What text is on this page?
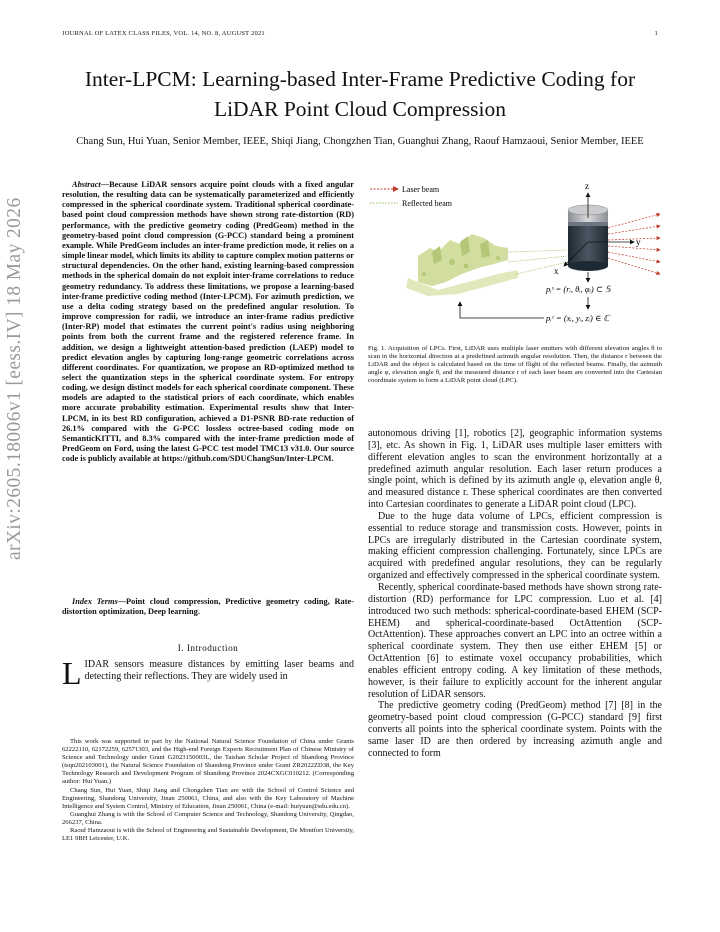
JOURNAL OF LATEX CLASS FILES, VOL. 14, NO. 8, AUGUST 2021	1
arXiv:2605.18006v1 [eess.IV] 18 May 2026
Inter-LPCM: Learning-based Inter-Frame Predictive Coding for LiDAR Point Cloud Compression
Chang Sun, Hui Yuan, Senior Member, IEEE, Shiqi Jiang, Chongzhen Tian, Guanghui Zhang, Raouf Hamzaoui, Senior Member, IEEE

Abstract—Because LiDAR sensors acquire point clouds with a fixed angular resolution, the resulting data can be systematically parameterized and efficiently compressed in the spherical coordinate system. Traditional spherical coordinate-based point cloud compression methods have shown strong rate-distortion (RD) performance, with the predictive geometry coding (PredGeom) method in the geometry-based point cloud compression (G-PCC) standard being a prominent example. While PredGeom includes an inter-frame prediction mode, it relies on a simple linear model, which limits its ability to capture complex motion patterns or structural dependencies. On the other hand, existing learning-based compression methods in the spherical domain do not exploit inter-frame correlations to reduce geometry redundancy. To address these limitations, we propose a learning-based inter-frame predictive coding method (Inter-LPCM). For azimuth prediction, we use a delta coding strategy based on the predefined angular resolution. To improve compression for radii, we introduce an inter-frame radius predictive (Inter-RP) model that estimates the current point's radius using neighboring points from both the current frame and the registered reference frame. In addition, we design a lightweight attention-based prediction (LAEP) model to predict elevation angles by capturing long-range geometric correlations across different coordinates. For quantization, we propose an RD-optimized method to select the quantization steps in the spherical coordinate system. For entropy coding, we design distinct models for each spherical coordinate component. These models are adapted to the statistical priors of each coordinate, which enables more accurate probability estimation. Experimental results show that Inter-LPCM, in its best RD configuration, achieved a D1-PSNR BD-rate reduction of 26.1% compared with the G-PCC lossless octree-based coding mode on SemanticKITTI, and 8.3% compared with the inter-frame prediction mode of PredGeom on Ford, using the latest G-PCC test model TMC13 v31.0. Our source code is publicly available at https://github.com/SDUChangSun/Inter-LPCM.

Index Terms—Point cloud compression, Predictive geometry coding, Rate-distortion optimization, Deep learning.
I. Introduction
LIDAR sensors measure distances by emitting laser beams and detecting their reflections. They are widely used in

This work was supported in part by the National Natural Science Foundation of China under Grants 62222110, 62172259, 62571303, and the High-end Foreign Experts Recruitment Plan of Chinese Ministry of Science and Technology under Grant G2023150003L, the Taishan Scholar Project of Shandong Province (tsqn202103001), the Natural Science Foundation of Shandong Province under Grant ZR2022ZD38, the Key Technology Research and Development Program of Shandong Province 2024CXGC010212. (Corresponding author: Hui Yuan.)

Chang Sun, Hui Yuan, Shiqi Jiang and Chongzhen Tian are with the School of Control Science and Engineering, Shandong University, Jinan 250061, China, and also with the Key Laboratory of Machine Intelligence and System Control, Ministry of Education, Jinan 250061, China (e-mail: huiyuan@sdu.edu.cn).

Guanghui Zhang is with the School of Computer Science and Technology, Shandong University, Qingdao, 266237, China.

Raouf Hamzaoui is with the School of Engineering and Sustainable Development, De Montfort University, LE1 9BH Leicester, U.K.

Laser beam
Reflected beam
z
y
x
pᵢˢ = (rᵢ, θᵢ, φᵢ) ⊂ 𝕊
pᵢᶜ = (xᵢ, yᵢ, zᵢ) ∈ ℂ
Fig. 1. Acquisition of LPCs. First, LiDAR uses multiple laser emitters with different elevation angles θ to scan in the horizontal direction at a predefined azimuth angular resolution. Then, the distance r between the LiDAR and the object is calculated based on the time of flight of the reflected beams. Finally, the azimuth angle φ, elevation angle θ, and the measured distance r of each laser beam are converted into the Cartesian coordinate system to form a LiDAR point cloud (LPC).

autonomous driving [1], robotics [2], geographic information systems [3], etc. As shown in Fig. 1, LiDAR uses multiple laser emitters with different elevation angles to scan the environment horizontally at a predefined azimuth angular resolution. Each laser return produces a single point, which is defined by its azimuth angle φ, elevation angle θ, and measured distance r. These spherical coordinates are then converted into Cartesian coordinates to generate a LiDAR point cloud (LPC).

Due to the huge data volume of LPCs, efficient compression is essential to reduce storage and transmission costs. However, points in LPCs are irregularly distributed in the Cartesian coordinate system, making efficient compression challenging. Fortunately, since LPCs are acquired with predefined angular resolutions, they can be regularly organized and effectively compressed in the spherical coordinate system.

Recently, spherical coordinate-based methods have shown strong rate-distortion (RD) performance for LPC compression. Luo et al. [4] introduced two such methods: spherical-coordinate-based EHEM (SCP-EHEM) and spherical-coordinate-based OctAttention (SCP-OctAttention). These approaches convert an LPC into an octree within a spherical coordinate system. They then use either EHEM [5] or OctAttention [6] to estimate voxel occupancy probabilities, which enables efficient entropy coding. A key limitation of these methods, however, is their failure to explicitly account for the inherent angular resolution of LiDAR sensors.

The predictive geometry coding (PredGeom) method [7] [8] in the geometry-based point cloud compression (G-PCC) standard [9] first converts all points into the spherical coordinate system. Points with the same laser ID are then ordered by increasing azimuth angle and connected to form
